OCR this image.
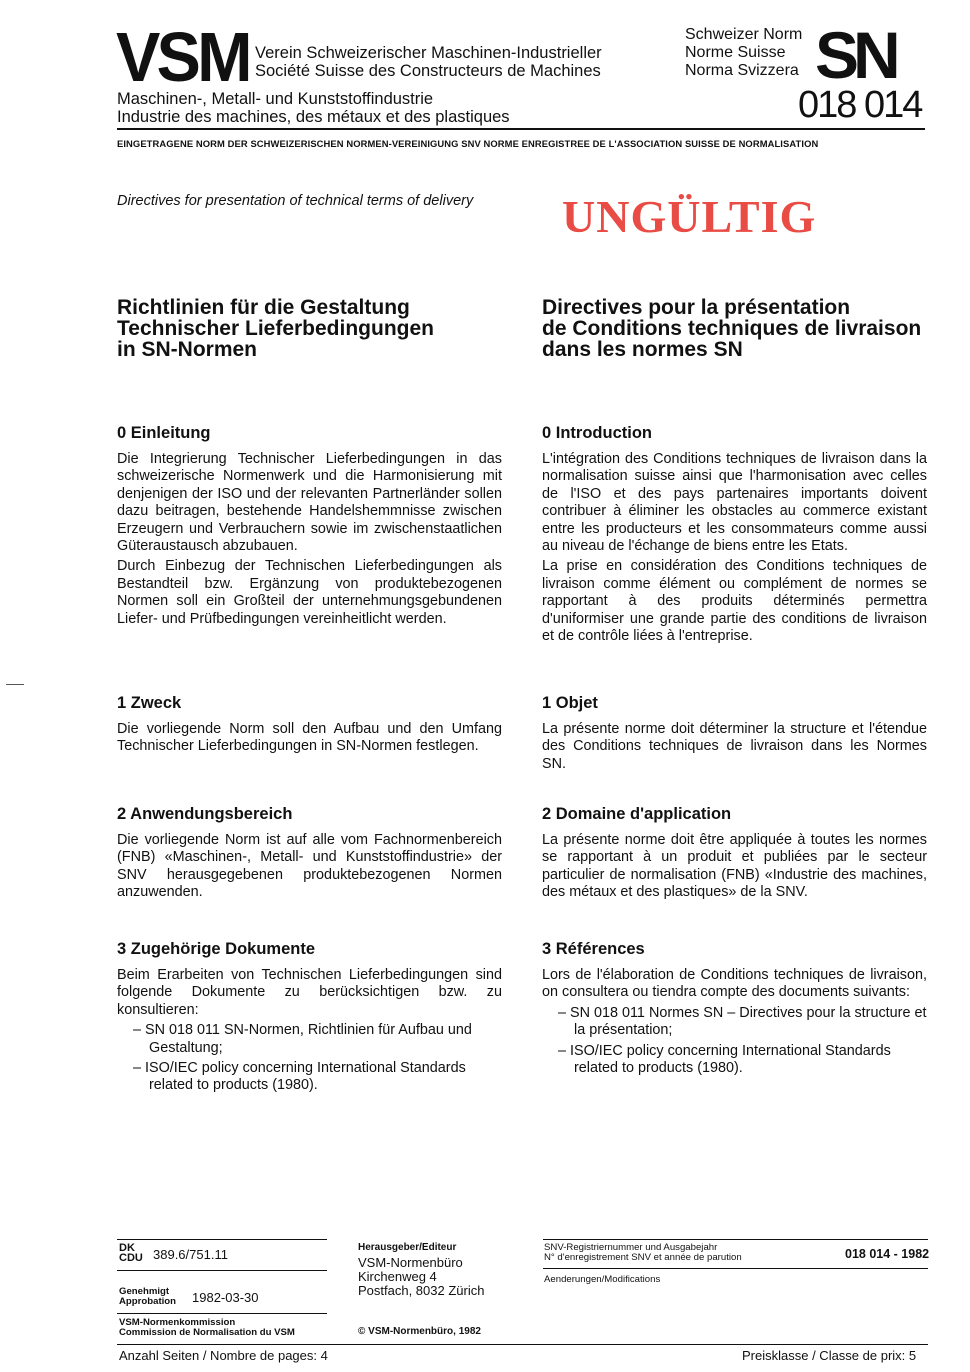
VSM Verein Schweizerischer Maschinen-Industrieller
Société Suisse des Constructeurs de Machines
Maschinen-, Metall- und Kunststoffindustrie
Industrie des machines, des métaux et des plastiques
Schweizer Norm
Norme Suisse
Norma Svizzera SN
018 014
EINGETRAGENE NORM DER SCHWEIZERISCHEN NORMEN-VEREINIGUNG SNV NORME ENREGISTREE DE L'ASSOCIATION SUISSE DE NORMALISATION
Directives for presentation of technical terms of delivery UNGÜLTIG
Richtlinien für die Gestaltung
Technischer Lieferbedingungen
in SN-Normen
Directives pour la présentation
de Conditions techniques de livraison
dans les normes SN
0 Einleitung
Die Integrierung Technischer Lieferbedingungen in das schweizerische Normenwerk und die Harmonisierung mit denjenigen der ISO und der relevanten Partnerländer sollen dazu beitragen, bestehende Handelshemmnisse zwischen Erzeugern und Verbrauchern sowie im zwischenstaatlichen Güteraustausch abzubauen.
Durch Einbezug der Technischen Lieferbedingungen als Bestandteil bzw. Ergänzung von produktebezogenen Normen soll ein Großteil der unternehmungsgebundenen Liefer- und Prüfbedingungen vereinheitlicht werden.
1 Zweck
Die vorliegende Norm soll den Aufbau und den Umfang Technischer Lieferbedingungen in SN-Normen festlegen.
2 Anwendungsbereich
Die vorliegende Norm ist auf alle vom Fachnormenbereich (FNB) «Maschinen-, Metall- und Kunststoffindustrie» der SNV herausgegebenen produktebezogenen Normen anzuwenden.
3 Zugehörige Dokumente
Beim Erarbeiten von Technischen Lieferbedingungen sind folgende Dokumente zu berücksichtigen bzw. zu konsultieren:
– SN 018 011 SN-Normen, Richtlinien für Aufbau und Gestaltung;
– ISO/IEC policy concerning International Standards related to products (1980).
0 Introduction
L'intégration des Conditions techniques de livraison dans la normalisation suisse ainsi que l'harmonisation avec celles de l'ISO et des pays partenaires importants doivent contribuer à éliminer les obstacles au commerce existant entre les producteurs et les consommateurs comme aussi au niveau de l'échange de biens entre les Etats.
La prise en considération des Conditions techniques de livraison comme élément ou complément de normes se rapportant à des produits déterminés permettra d'uniformiser une grande partie des conditions de livraison et de contrôle liées à l'entreprise.
1 Objet
La présente norme doit déterminer la structure et l'étendue des Conditions techniques de livraison dans les Normes SN.
2 Domaine d'application
La présente norme doit être appliquée à toutes les normes se rapportant à un produit et publiées par le secteur particulier de normalisation (FNB) «Industrie des machines, des métaux et des plastiques» de la SNV.
3 Références
Lors de l'élaboration de Conditions techniques de livraison, on consultera ou tiendra compte des documents suivants:
– SN 018 011 Normes SN – Directives pour la structure et la présentation;
– ISO/IEC policy concerning International Standards related to products (1980).
DK
CDU 389.6/751.11
Genehmigt
Approbation 1982-03-30
VSM-Normenkommission
Commission de Normalisation du VSM
Herausgeber/Editeur
VSM-Normenbüro
Kirchenweg 4
Postfach, 8032 Zürich
© VSM-Normenbüro, 1982
SNV-Registriernummer und Ausgabejahr
N° d'enregistrement SNV et année de parution	018 014 - 1982
Aenderungen/Modifications
Anzahl Seiten / Nombre de pages: 4	Preisklasse / Classe de prix: 5
